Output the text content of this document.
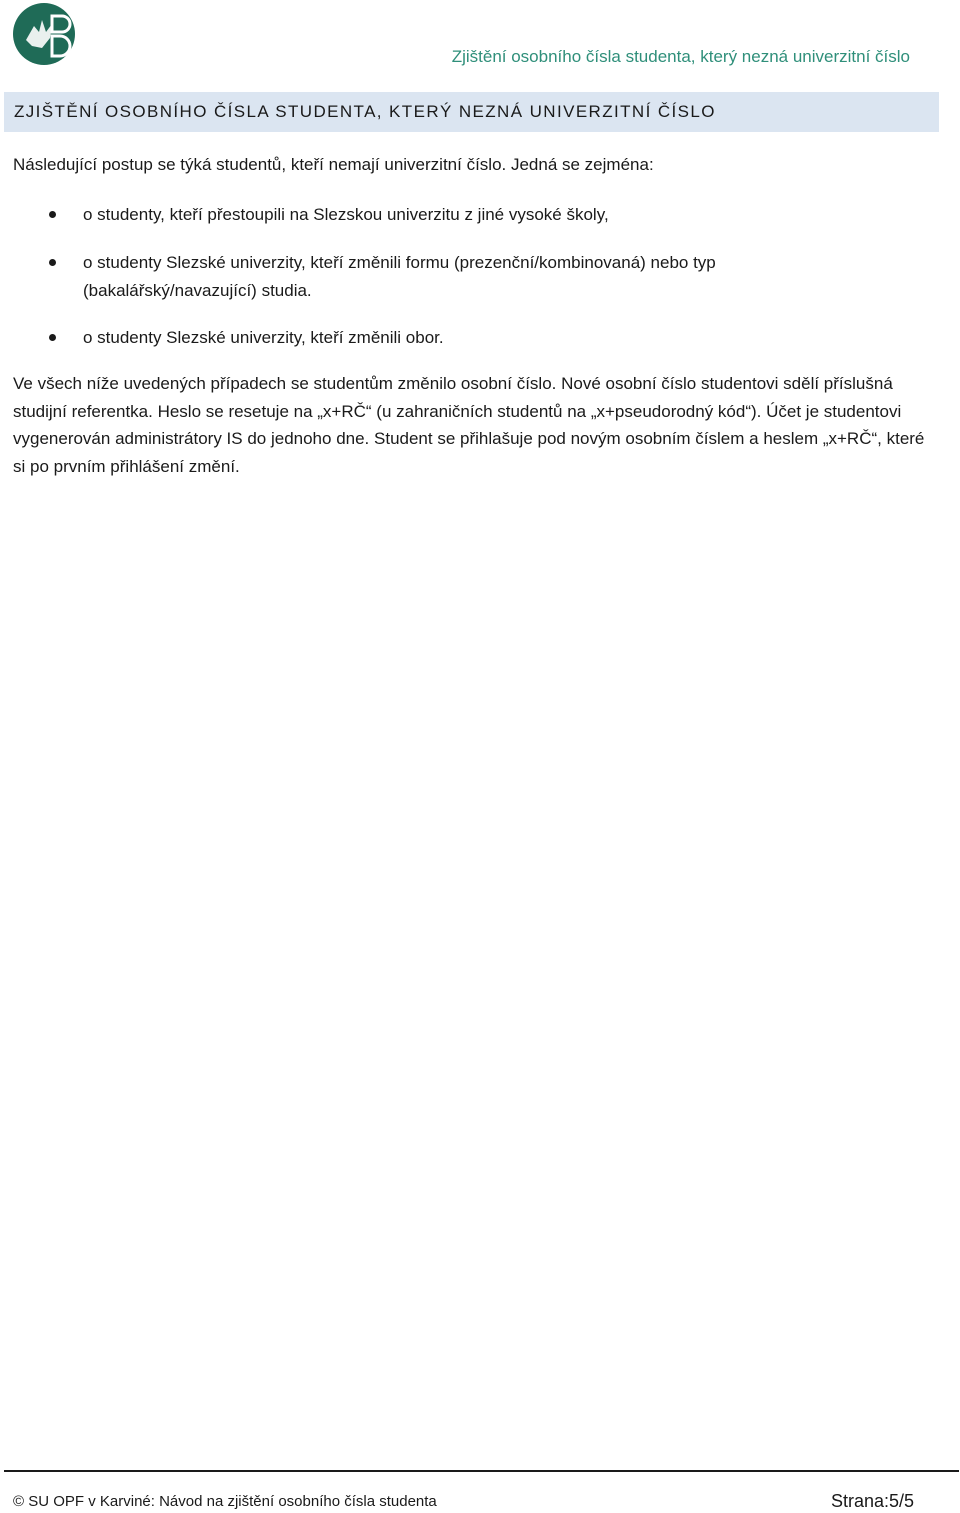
Zjištění osobního čísla studenta, který nezná univerzitní číslo
ZJIŠTĚNÍ OSOBNÍHO ČÍSLA STUDENTA, KTERÝ NEZNÁ UNIVERZITNÍ ČÍSLO
Následující postup se týká studentů, kteří nemají univerzitní číslo. Jedná se zejména:
o studenty, kteří přestoupili na Slezskou univerzitu z jiné vysoké školy,
o studenty Slezské univerzity, kteří změnili formu (prezenční/kombinovaná) nebo typ (bakalářský/navazující) studia.
o studenty Slezské univerzity, kteří změnili obor.
Ve všech níže uvedených případech se studentům změnilo osobní číslo. Nové osobní číslo studentovi sdělí příslušná studijní referentka. Heslo se resetuje na „x+RČ“ (u zahraničních studentů na „x+pseudorodný kód“). Účet je studentovi vygenerován administrátory IS do jednoho dne. Student se přihlašuje pod novým osobním číslem a heslem „x+RČ“, které si po prvním přihlášení změní.
© SU OPF v Karviné: Návod na zjištění osobního čísla studenta	Strana:5/5
